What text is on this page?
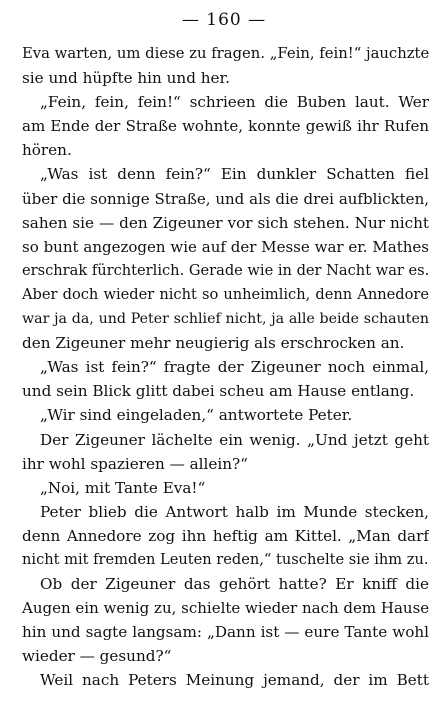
— 160 —
Eva warten, um diese zu fragen. „Fein, fein!“ jauchzte
sie und hüpfte hin und her.
„Fein, fein, fein!“ schrieen die Buben laut. Wer
am Ende der Straße wohnte, konnte gewiß ihr Rufen
hören.
„Was ist denn fein?“ Ein dunkler Schatten fiel
über die sonnige Straße, und als die drei aufblickten,
sahen sie — den Zigeuner vor sich stehen. Nur nicht
so bunt angezogen wie auf der Messe war er. Mathes
erschrak fürchterlich. Gerade wie in der Nacht war es.
Aber doch wieder nicht so unheimlich, denn Annedore
war ja da, und Peter schlief nicht, ja alle beide schauten
den Zigeuner mehr neugierig als erschrocken an.
„Was ist fein?“ fragte der Zigeuner noch einmal,
und sein Blick glitt dabei scheu am Hause entlang.
„Wir sind eingeladen,“ antwortete Peter.
Der Zigeuner lächelte ein wenig. „Und jetzt geht
ihr wohl spazieren — allein?“
„Noi, mit Tante Eva!“
Peter blieb die Antwort halb im Munde stecken,
denn Annedore zog ihn heftig am Kittel. „Man darf
nicht mit fremden Leuten reden,“ tuschelte sie ihm zu.
Ob der Zigeuner das gehört hatte? Er kniff die
Augen ein wenig zu, schielte wieder nach dem Hause
hin und sagte langsam: „Dann ist — eure Tante wohl
wieder — gesund?“
Weil nach Peters Meinung jemand, der im Bett
